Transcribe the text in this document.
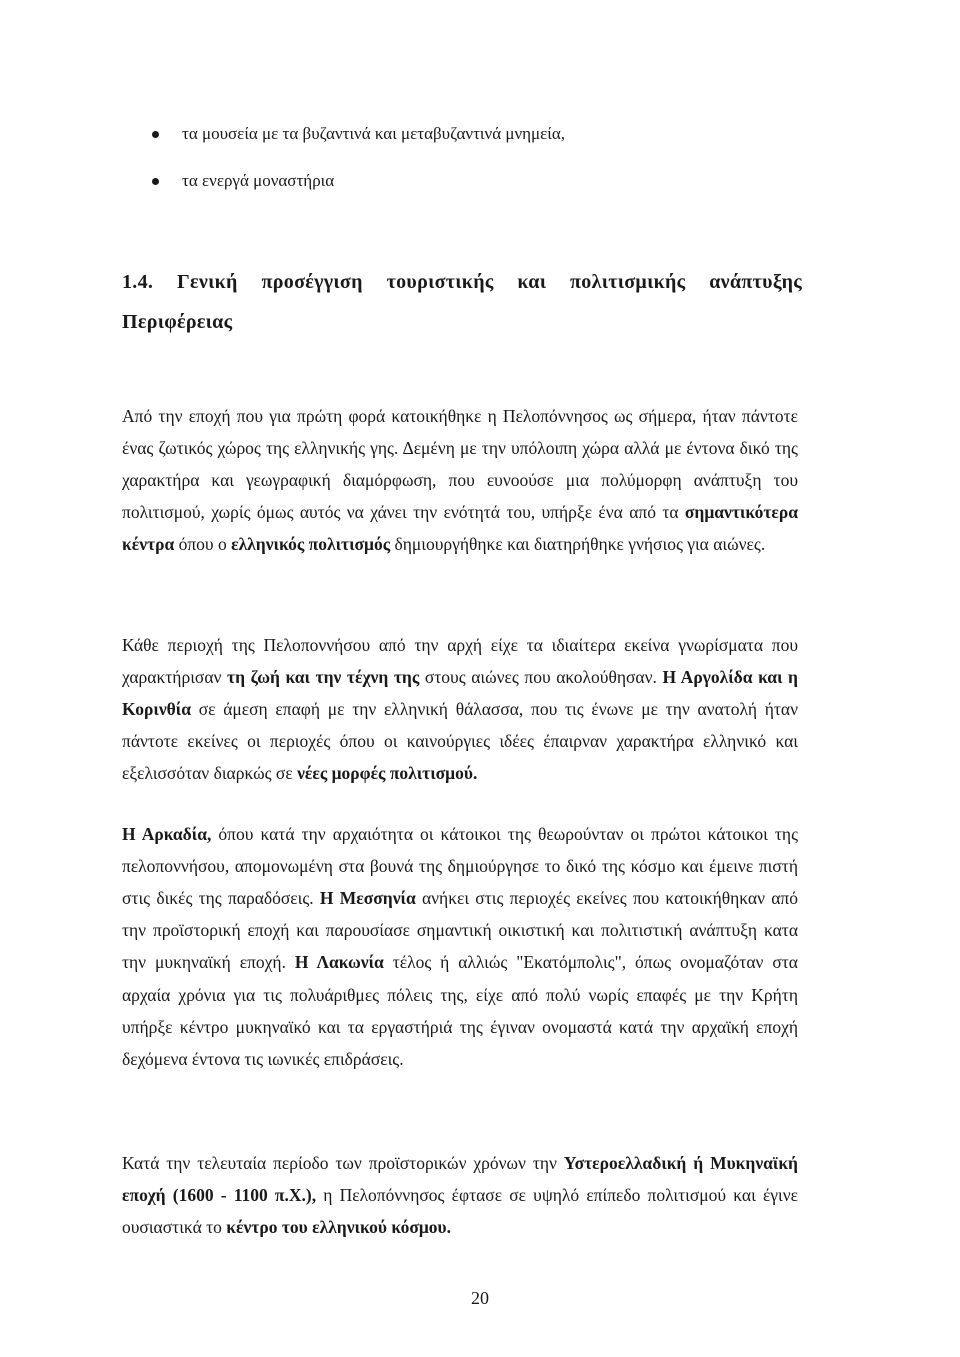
τα μουσεία με τα βυζαντινά και μεταβυζαντινά μνημεία,
τα ενεργά μοναστήρια
1.4. Γενική προσέγγιση τουριστικής και πολιτισμικής ανάπτυξης Περιφέρειας

Από την εποχή που για πρώτη φορά κατοικήθηκε η Πελοπόννησος ως σήμερα, ήταν πάντοτε ένας ζωτικός χώρος της ελληνικής γης. Δεμένη με την υπόλοιπη χώρα αλλά με έντονα δικό της χαρακτήρα και γεωγραφική διαμόρφωση, που ευνοούσε μια πολύμορφη ανάπτυξη του πολιτισμού, χωρίς όμως αυτός να χάνει την ενότητά του, υπήρξε ένα από τα σημαντικότερα κέντρα όπου ο ελληνικός πολιτισμός δημιουργήθηκε και διατηρήθηκε γνήσιος για αιώνες.

Κάθε περιοχή της Πελοποννήσου από την αρχή είχε τα ιδιαίτερα εκείνα γνωρίσματα που χαρακτήρισαν τη ζωή και την τέχνη της στους αιώνες που ακολούθησαν. Η Αργολίδα και η Κορινθία σε άμεση επαφή με την ελληνική θάλασσα, που τις ένωνε με την ανατολή ήταν πάντοτε εκείνες οι περιοχές όπου οι καινούργιες ιδέες έπαιρναν χαρακτήρα ελληνικό και εξελισσόταν διαρκώς σε νέες μορφές πολιτισμού.

Η Αρκαδία, όπου κατά την αρχαιότητα οι κάτοικοι της θεωρούνταν οι πρώτοι κάτοικοι της πελοποννήσου, απομονωμένη στα βουνά της δημιούργησε το δικό της κόσμο και έμεινε πιστή στις δικές της παραδόσεις. Η Μεσσηνία ανήκει στις περιοχές εκείνες που κατοικήθηκαν από την προϊστορική εποχή και παρουσίασε σημαντική οικιστική και πολιτιστική ανάπτυξη κατα την μυκηναϊκή εποχή. Η Λακωνία τέλος ή αλλιώς "Εκατόμπολις", όπως ονομαζόταν στα αρχαία χρόνια για τις πολυάριθμες πόλεις της, είχε από πολύ νωρίς επαφές με την Κρήτη υπήρξε κέντρο μυκηναϊκό και τα εργαστήριά της έγιναν ονομαστά κατά την αρχαϊκή εποχή δεχόμενα έντονα τις ιωνικές επιδράσεις.

Κατά την τελευταία περίοδο των προϊστορικών χρόνων την Υστεροελλαδική ή Μυκηναϊκή εποχή (1600 - 1100 π.Χ.), η Πελοπόννησος έφτασε σε υψηλό επίπεδο πολιτισμού και έγινε ουσιαστικά το κέντρο του ελληνικού κόσμου.

20
